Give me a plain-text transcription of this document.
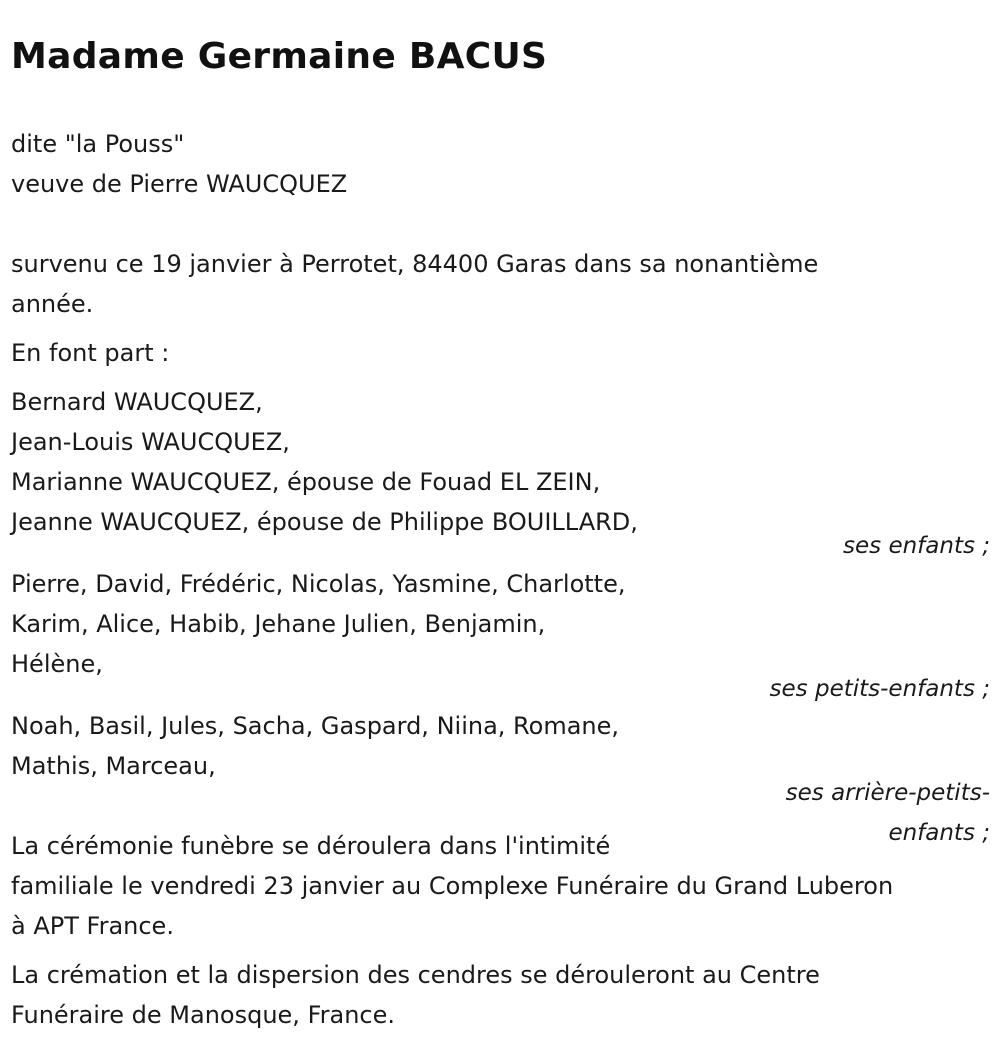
Madame Germaine BACUS
dite "la Pouss"
veuve de Pierre WAUCQUEZ
survenu ce 19 janvier à Perrotet, 84400 Garas dans sa nonantième
année.
En font part :
Bernard WAUCQUEZ,
Jean-Louis WAUCQUEZ,
Marianne WAUCQUEZ, épouse de Fouad EL ZEIN,
Jeanne WAUCQUEZ, épouse de Philippe BOUILLARD,
ses enfants ;
Pierre, David, Frédéric, Nicolas, Yasmine, Charlotte,
Karim, Alice, Habib, Jehane Julien, Benjamin,
Hélène,
ses petits-enfants ;
Noah, Basil, Jules, Sacha, Gaspard, Niina, Romane,
Mathis, Marceau,
ses arrière-petits-
enfants ;
La cérémonie funèbre se déroulera dans l'intimité
familiale le vendredi 23 janvier au Complexe Funéraire du Grand Luberon
à APT France.
La crémation et la dispersion des cendres se dérouleront au Centre
Funéraire de Manosque, France.
